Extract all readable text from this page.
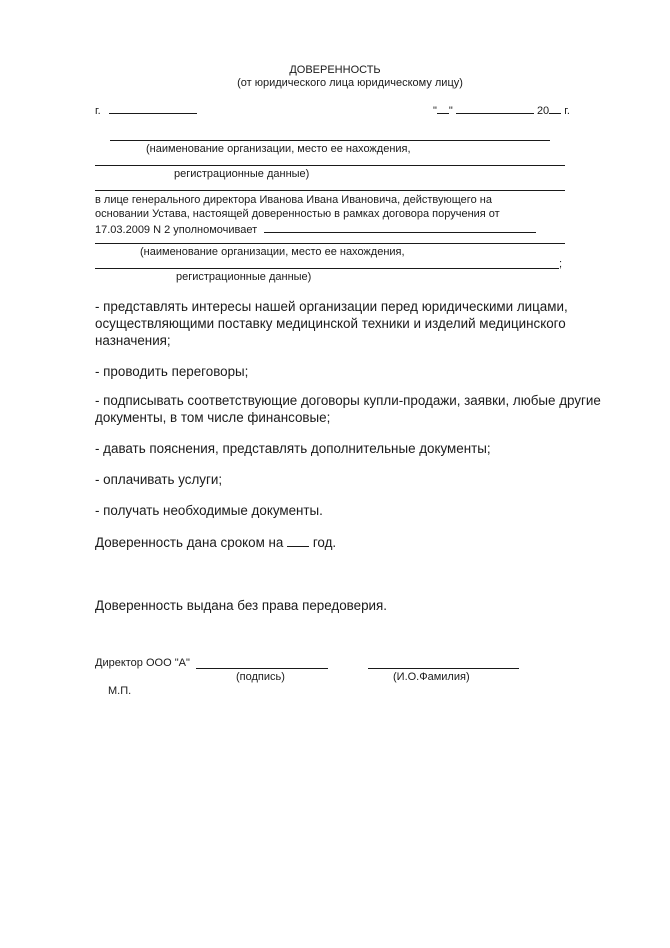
ДОВЕРЕННОСТЬ
(от юридического лица юридическому лицу)
г.	" "	20 г.
(наименование организации, место ее нахождения,
регистрационные данные)
в лице генерального директора Иванова Ивана Ивановича, действующего на
основании Устава, настоящей доверенностью в рамках договора поручения от
17.03.2009 N 2 уполномочивает
(наименование организации, место ее нахождения,
;
регистрационные данные)
- представлять интересы нашей организации перед юридическими лицами,
осуществляющими поставку медицинской техники и изделий медицинского
назначения;
- проводить переговоры;
- подписывать соответствующие договоры купли-продажи, заявки, любые другие
документы, в том числе финансовые;
- давать пояснения, представлять дополнительные документы;
- оплачивать услуги;
- получать необходимые документы.
Доверенность дана сроком на год.
Доверенность выдана без права передоверия.
Директор ООО "А"
(подпись)	(И.О.Фамилия)
М.П.
